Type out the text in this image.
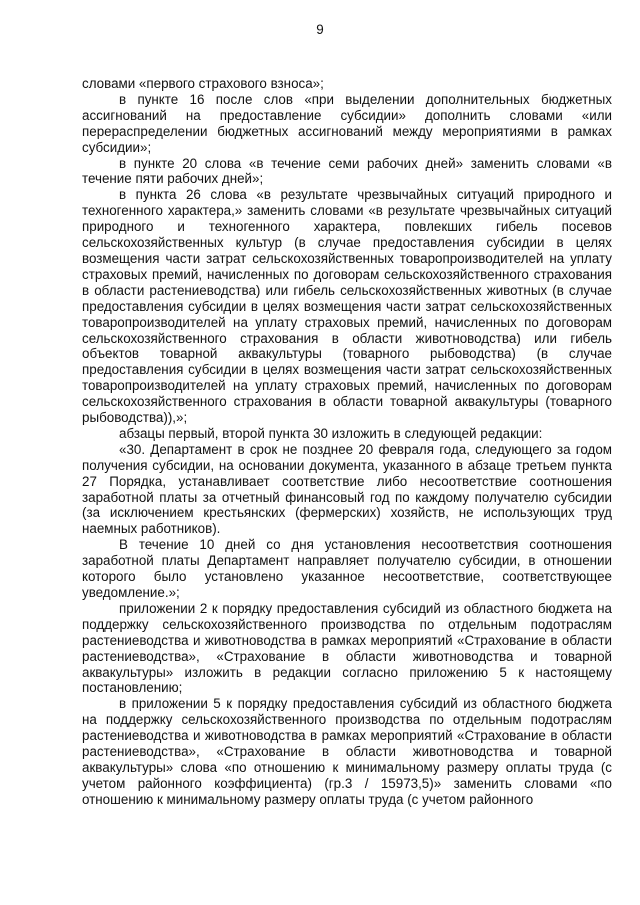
9

словами «первого страхового взноса»;

в пункте 16 после слов «при выделении дополнительных бюджетных ассигнований на предоставление субсидии» дополнить словами «или перераспределении бюджетных ассигнований между мероприятиями в рамках субсидии»;

в пункте 20 слова «в течение семи рабочих дней» заменить словами «в течение пяти рабочих дней»;

в пункта 26 слова «в результате чрезвычайных ситуаций природного и техногенного характера,» заменить словами «в результате чрезвычайных ситуаций природного и техногенного характера, повлекших гибель посевов сельскохозяйственных культур (в случае предоставления субсидии в целях возмещения части затрат сельскохозяйственных товаропроизводителей на уплату страховых премий, начисленных по договорам сельскохозяйственного страхования в области растениеводства) или гибель сельскохозяйственных животных (в случае предоставления субсидии в целях возмещения части затрат сельскохозяйственных товаропроизводителей на уплату страховых премий, начисленных по договорам сельскохозяйственного страхования в области животноводства) или гибель объектов товарной аквакультуры (товарного рыбоводства) (в случае предоставления субсидии в целях возмещения части затрат сельскохозяйственных товаропроизводителей на уплату страховых премий, начисленных по договорам сельскохозяйственного страхования в области товарной аквакультуры (товарного рыбоводства)),»;

абзацы первый, второй пункта 30 изложить в следующей редакции:

«30. Департамент в срок не позднее 20 февраля года, следующего за годом получения субсидии, на основании документа, указанного в абзаце третьем пункта 27 Порядка, устанавливает соответствие либо несоответствие соотношения заработной платы за отчетный финансовый год по каждому получателю субсидии (за исключением крестьянских (фермерских) хозяйств, не использующих труд наемных работников).

В течение 10 дней со дня установления несоответствия соотношения заработной платы Департамент направляет получателю субсидии, в отношении которого было установлено указанное несоответствие, соответствующее уведомление.»;

приложении 2 к порядку предоставления субсидий из областного бюджета на поддержку сельскохозяйственного производства по отдельным подотраслям растениеводства и животноводства в рамках мероприятий «Страхование в области растениеводства», «Страхование в области животноводства и товарной аквакультуры» изложить в редакции согласно приложению 5 к настоящему постановлению;

в приложении 5 к порядку предоставления субсидий из областного бюджета на поддержку сельскохозяйственного производства по отдельным подотраслям растениеводства и животноводства в рамках мероприятий «Страхование в области растениеводства», «Страхование в области животноводства и товарной аквакультуры» слова «по отношению к минимальному размеру оплаты труда (с учетом районного коэффициента) (гр.3 / 15973,5)» заменить словами «по отношению к минимальному размеру оплаты труда (с учетом районного
